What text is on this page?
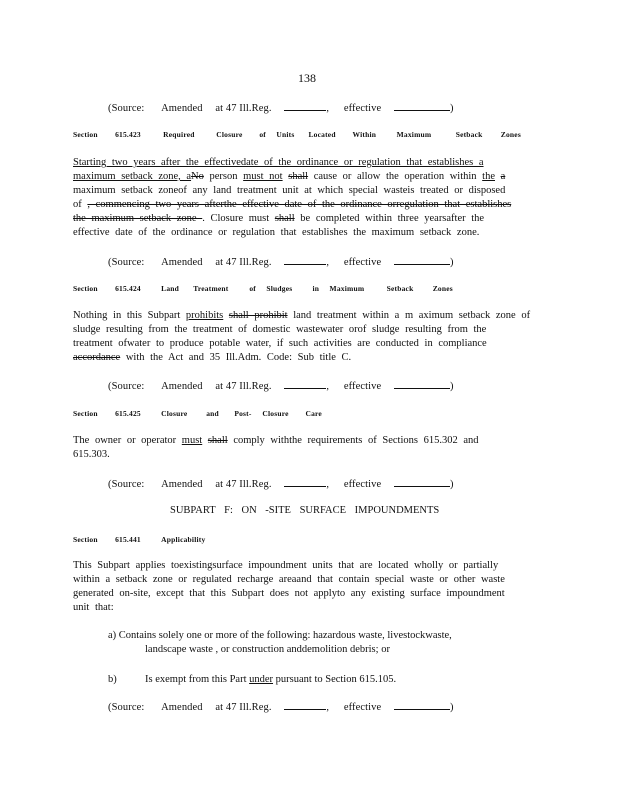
138
(Source: Amended at 47 Ill.Reg.	, effective	)
Section 615.423	Required	Closure of Units Located Within	Maximum	Setback Zones
Starting two years after the effectivedate of the ordinance or regulation that establishes a
maximum setback zone, aNo person must not shall cause or allow the operation within the a
maximum setback zoneof any land treatment unit at which special wasteis treated or disposed
of , commencing two years afterthe effective date of the ordinance orregulation that establishes
the maximum setback zone . Closure must shall be completed within three yearsafter the
effective date of the ordinance or regulation that establishes the maximum setback zone.
(Source: Amended at 47 Ill.Reg.	, effective	)
Section 615.424	Land Treatment	of Sludges	in Maximum	Setback	Zones
Nothing in this Subpart prohibits shall prohibit land treatment within a m aximum setback zone of
sludge resulting from the treatment of domestic wastewater orof sludge resulting from the
treatment ofwater to produce potable water, if such activities are conducted in compliance
accordance with the Act and 35 Ill.Adm. Code: Sub title C.
(Source: Amended at 47 Ill.Reg.	, effective	)
Section 615.425	Closure	and Post- Closure Care
The owner or operator must shall comply withthe requirements of Sections 615.302 and
615.303.
(Source: Amended at 47 Ill.Reg.	, effective	)
SUBPART F: ON -SITE SURFACE IMPOUNDMENTS
Section 615.441	Applicability
This Subpart applies toexistingsurface impoundment units that are located wholly or partially
within a setback zone or regulated recharge areaand that contain special waste or other waste
generated on-site, except that this Subpart does not applyto any existing surface impoundment
unit that:
a) Contains solely one or more of the following: hazardous waste, livestockwaste,
landscape waste , or construction anddemolition debris; or
b)	Is exempt from this Part under pursuant to Section 615.105.
(Source: Amended at 47 Ill.Reg.	, effective	)
